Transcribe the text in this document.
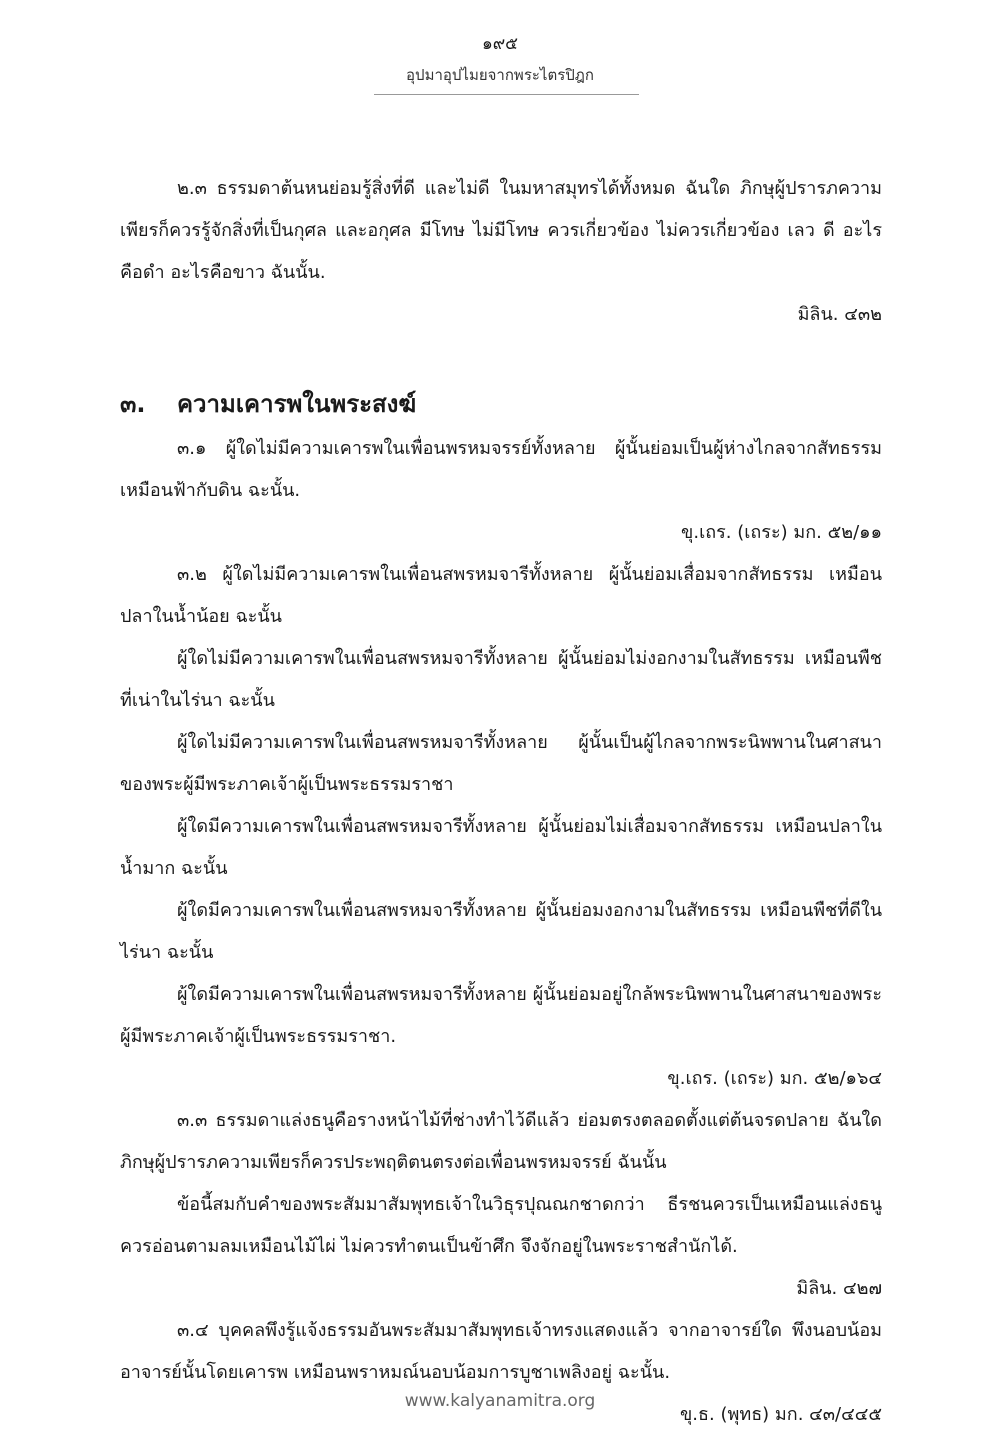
๑๙๕
อุปมาอุปไมยจากพระไตรปิฎก

๒.๓ ธรรมดาต้นหนย่อมรู้สิ่งที่ดี และไม่ดี ในมหาสมุทรได้ทั้งหมด ฉันใด ภิกษุผู้ปรารภความเพียรก็ควรรู้จักสิ่งที่เป็นกุศล และอกุศล มีโทษ ไม่มีโทษ ควรเกี่ยวข้อง ไม่ควรเกี่ยวข้อง เลว ดี อะไรคือดำ อะไรคือขาว ฉันนั้น.

มิลิน. ๔๓๒

๓.	ความเคารพในพระสงฆ์

๓.๑ ผู้ใดไม่มีความเคารพในเพื่อนพรหมจรรย์ทั้งหลาย ผู้นั้นย่อมเป็นผู้ห่างไกลจากสัทธรรม เหมือนฟ้ากับดิน ฉะนั้น.

ขุ.เถร. (เถระ) มก. ๕๒/๑๑

๓.๒ ผู้ใดไม่มีความเคารพในเพื่อนสพรหมจารีทั้งหลาย ผู้นั้นย่อมเสื่อมจากสัทธรรม เหมือนปลาในน้ำน้อย ฉะนั้น

ผู้ใดไม่มีความเคารพในเพื่อนสพรหมจารีทั้งหลาย ผู้นั้นย่อมไม่งอกงามในสัทธรรม เหมือนพืชที่เน่าในไร่นา ฉะนั้น

ผู้ใดไม่มีความเคารพในเพื่อนสพรหมจารีทั้งหลาย ผู้นั้นเป็นผู้ไกลจากพระนิพพานในศาสนาของพระผู้มีพระภาคเจ้าผู้เป็นพระธรรมราชา

ผู้ใดมีความเคารพในเพื่อนสพรหมจารีทั้งหลาย ผู้นั้นย่อมไม่เสื่อมจากสัทธรรม เหมือนปลาในน้ำมาก ฉะนั้น

ผู้ใดมีความเคารพในเพื่อนสพรหมจารีทั้งหลาย ผู้นั้นย่อมงอกงามในสัทธรรม เหมือนพืชที่ดีในไร่นา ฉะนั้น

ผู้ใดมีความเคารพในเพื่อนสพรหมจารีทั้งหลาย ผู้นั้นย่อมอยู่ใกล้พระนิพพานในศาสนาของพระผู้มีพระภาคเจ้าผู้เป็นพระธรรมราชา.

ขุ.เถร. (เถระ) มก. ๕๒/๑๖๔

๓.๓ ธรรมดาแล่งธนูคือรางหน้าไม้ที่ช่างทำไว้ดีแล้ว ย่อมตรงตลอดตั้งแต่ต้นจรดปลาย ฉันใด ภิกษุผู้ปรารภความเพียรก็ควรประพฤติตนตรงต่อเพื่อนพรหมจรรย์ ฉันนั้น

ข้อนี้สมกับคำของพระสัมมาสัมพุทธเจ้าในวิธุรปุณณกชาดกว่า ธีรชนควรเป็นเหมือนแล่งธนู ควรอ่อนตามลมเหมือนไม้ไผ่ ไม่ควรทำตนเป็นข้าศึก จึงจักอยู่ในพระราชสำนักได้.

มิลิน. ๔๒๗

๓.๔ บุคคลพึงรู้แจ้งธรรมอันพระสัมมาสัมพุทธเจ้าทรงแสดงแล้ว จากอาจารย์ใด พึงนอบน้อมอาจารย์นั้นโดยเคารพ เหมือนพราหมณ์นอบน้อมการบูชาเพลิงอยู่ ฉะนั้น.

ขุ.ธ. (พุทธ) มก. ๔๓/๔๔๕

www.kalyanamitra.org
